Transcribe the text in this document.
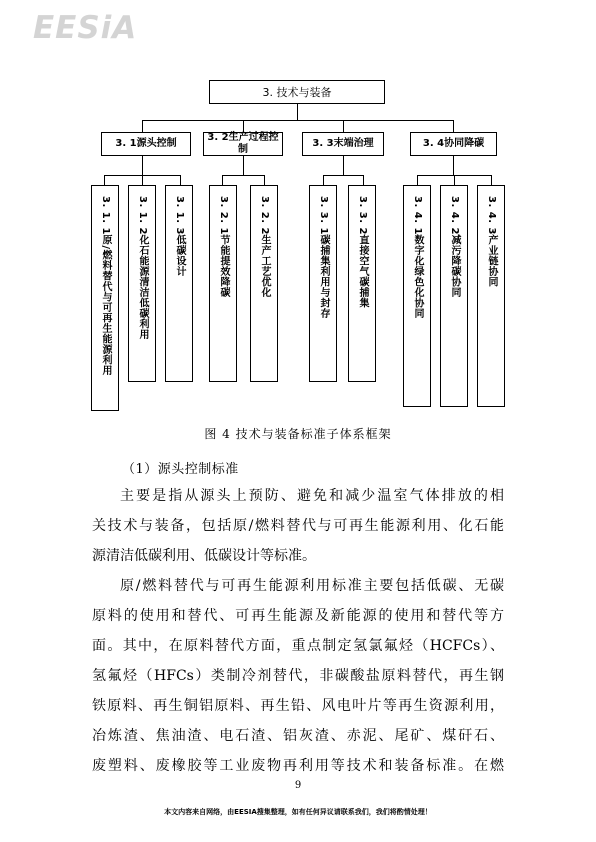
EESiA
3. 技术与装备
3. 1源头控制
3. 2生产过程控制
3. 3末端治理	3. 4协同降碳
3. 1. 1原/燃料替代与可再生能源利用	3. 1. 2化石能源清洁低碳利用	3. 1. 3低碳设计	3. 2. 1节能提效降碳	3. 2. 2生产工艺优化	3. 3. 1碳捕集利用与封存	3. 3. 2直接空气碳捕集	3. 4. 1数字化绿色化协同	3. 4. 2减污降碳协同	3. 4. 3产业链协同
图 4 技术与装备标准子体系框架
（1）源头控制标准
主要是指从源头上预防、避免和减少温室气体排放的相
关技术与装备，包括原/燃料替代与可再生能源利用、化石能
源清洁低碳利用、低碳设计等标准。
原/燃料替代与可再生能源利用标准主要包括低碳、无碳
原料的使用和替代、可再生能源及新能源的使用和替代等方
面。其中，在原料替代方面，重点制定氢氯氟烃（HCFCs）、
氢氟烃（HFCs）类制冷剂替代，非碳酸盐原料替代，再生钢
铁原料、再生铜铝原料、再生铅、风电叶片等再生资源利用，
冶炼渣、焦油渣、电石渣、铝灰渣、赤泥、尾矿、煤矸石、
废塑料、废橡胶等工业废物再利用等技术和装备标准。在燃
9
本文内容来自网络，由EESIA搜集整理，如有任何异议请联系我们，我们将酌情处理！
